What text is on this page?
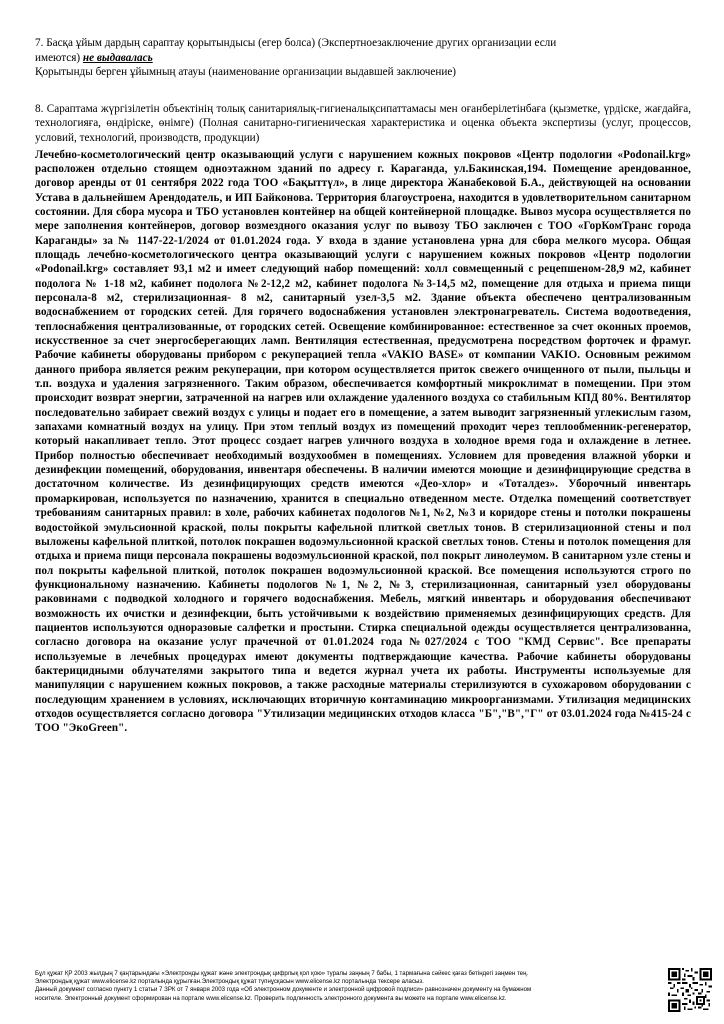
7. Басқа ұйым дардың сараптау қорытындысы (егер болса) (Экспертноезаключение других организации если
имеются) не выдавалась
Қорытынды берген ұйымның атауы (наименование организации выдавшей заключение)
8. Сараптама жүргізілетін объектінің толық санитариялық-гигиеналықсипаттамасы мен оғанберілетінбаға (қызметке, үрдіске, жағдайға, технологияға, өндіріске, өнімге) (Полная санитарно-гигиеническая характеристика и оценка объекта экспертизы (услуг, процессов, условий, технологий, производств, продукции)
Лечебно-косметологический центр оказывающий услуги с нарушением кожных покровов «Центр подологии «Podonail.krg» расположен отдельно стоящем одноэтажном зданий по адресу г. Караганда, ул.Бакинская,194. Помещение арендованное, договор аренды от 01 сентября 2022 года ТОО «Бақыттүл», в лице директора Жанабековой Б.А., действующей на основании Устава в дальнейшем Арендодатель, и ИП Байконова. Территория благоустроена, находится в удовлетворительном санитарном состоянии. Для сбора мусора и ТБО установлен контейнер на общей контейнерной площадке. Вывоз мусора осуществляется по мере заполнения контейнеров, договор возмездного оказания услуг по вывозу ТБО заключен с ТОО «ГорКомТранс города Караганды» за № 1147-22-1/2024 от 01.01.2024 года. У входа в здание установлена урна для сбора мелкого мусора. Общая площадь лечебно-косметологического центра оказывающий услуги с нарушением кожных покровов «Центр подологии «Podonail.krg» составляет 93,1 м2 и имеет следующий набор помещений: холл совмещенный с рецепшеном-28,9 м2, кабинет подолога № 1-18 м2, кабинет подолога №2-12,2 м2, кабинет подолога №3-14,5 м2, помещение для отдыха и приема пищи персонала-8 м2, стерилизационная- 8 м2, санитарный узел-3,5 м2. Здание объекта обеспечено централизованным водоснабжением от городских сетей. Для горячего водоснабжения установлен электронагреватель. Система водоотведения, теплоснабжения централизованные, от городских сетей. Освещение комбинированное: естественное за счет оконных проемов, искусственное за счет энергосберегающих ламп. Вентиляция естественная, предусмотрена посредством форточек и фрамуг. Рабочие кабинеты оборудованы прибором с рекуперацией тепла «VAKIO BASE» от компании VAKIO. Основным режимом данного прибора является режим рекуперации, при котором осуществляется приток свежего очищенного от пыли, пыльцы и т.п. воздуха и удаления загрязненного. Таким образом, обеспечивается комфортный микроклимат в помещении. При этом происходит возврат энергии, затраченной на нагрев или охлаждение удаленного воздуха со стабильным КПД 80%. Вентилятор последовательно забирает свежий воздух с улицы и подает его в помещение, а затем выводит загрязненный углекислым газом, запахами комнатный воздух на улицу. При этом теплый воздух из помещений проходит через теплообменник-регенератор, который накапливает тепло. Этот процесс создает нагрев уличного воздуха в холодное время года и охлаждение в летнее. Прибор полностью обеспечивает необходимый воздухообмен в помещениях. Условием для проведения влажной уборки и дезинфекции помещений, оборудования, инвентаря обеспечены. В наличии имеются моющие и дезинфицирующие средства в достаточном количестве. Из дезинфицирующих средств имеются «Део-хлор» и «Тоталдез». Уборочный инвентарь промаркирован, используется по назначению, хранится в специально отведенном месте. Отделка помещений соответствует требованиям санитарных правил: в холе, рабочих кабинетах подологов №1, №2, №3 и коридоре стены и потолки покрашены водостойкой эмульсионной краской, полы покрыты кафельной плиткой светлых тонов. В стерилизационной стены и пол выложены кафельной плиткой, потолок покрашен водоэмульсионной краской светлых тонов. Стены и потолок помещения для отдыха и приема пищи персонала покрашены водоэмульсионной краской, пол покрыт линолеумом. В санитарном узле стены и пол покрыты кафельной плиткой, потолок покрашен водоэмульсионной краской. Все помещения используются строго по функциональному назначению. Кабинеты подологов №1, №2, №3, стерилизационная, санитарный узел оборудованы раковинами с подводкой холодного и горячего водоснабжения. Мебель, мягкий инвентарь и оборудования обеспечивают возможность их очистки и дезинфекции, быть устойчивыми к воздействию применяемых дезинфицирующих средств. Для пациентов используются одноразовые салфетки и простыни. Стирка специальной одежды осуществляется централизованна, согласно договора на оказание услуг прачечной от 01.01.2024 года №027/2024 с ТОО "КМД Сервис". Все препараты используемые в лечебных процедурах имеют документы подтверждающие качества. Рабочие кабинеты оборудованы бактерицидными облучателями закрытого типа и ведется журнал учета их работы. Инструменты используемые для манипуляции с нарушением кожных покровов, а также расходные материалы стерилизуются в сухожаровом оборудовании с последующим хранением в условиях, исключающих вторичную контаминацию микроорганизмами. Утилизация медицинских отходов осуществляется согласно договора "Утилизации медицинских отходов класса "Б","В","Г" от 03.01.2024 года №415-24 с ТОО "ЭкоGreen".
Бұл құжат ҚР 2003 жылдың 7 қаңтарындағы «Электронды құжат және электрондық цифрлық қол қою» туралы заңның 7 бабы, 1 тармағына сәйкес қағаз бетіндегі заңмен тең.
Электрондық құжат www.elicense.kz порталында құрылған.Электрондық құжат түпнұсқасын www.elicense.kz порталында тексере аласыз.
Данный документ согласно пункту 1 статьи 7 ЗРК от 7 января 2003 года «Об электронном документе и электронной цифровой подписи» равнозначен документу на бумажном
носителе. Электронный документ сформирован на портале www.elicense.kz. Проверить подлинность электронного документа вы можете на портале www.elicense.kz.
